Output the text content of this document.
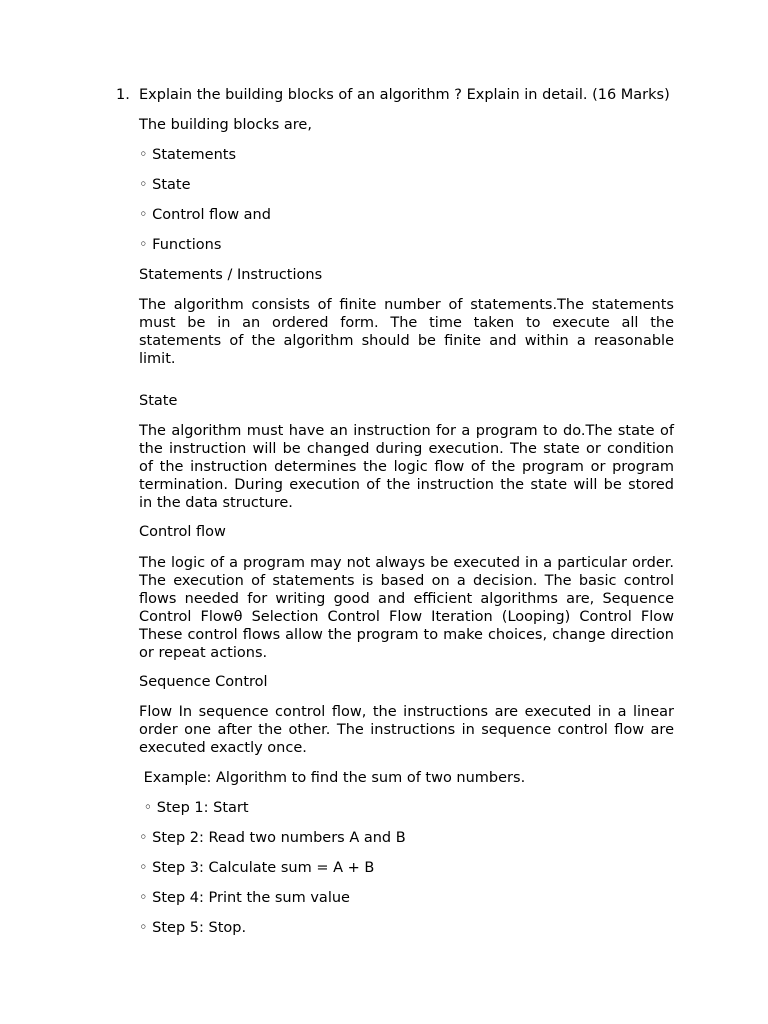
1. Explain the building blocks of an algorithm ? Explain in detail. (16 Marks)
The building blocks are,
◦ Statements
◦ State
◦ Control flow and
◦ Functions
Statements / Instructions
The algorithm consists of finite number of statements.The statements must be in an ordered form. The time taken to execute all the statements of the algorithm should be finite and within a reasonable limit.
State
The algorithm must have an instruction for a program to do.The state of the instruction will be changed during execution. The state or condition of the instruction determines the logic flow of the program or program termination. During execution of the instruction the state will be stored in the data structure.
Control flow
The logic of a program may not always be executed in a particular order. The execution of statements is based on a decision. The basic control flows needed for writing good and efficient algorithms are, Sequence Control Flowθ Selection Control Flow Iteration (Looping) Control Flow These control flows allow the program to make choices, change direction or repeat actions.
Sequence Control
Flow In sequence control flow, the instructions are executed in a linear order one after the other. The instructions in sequence control flow are executed exactly once.
Example: Algorithm to find the sum of two numbers.
◦ Step 1: Start
◦ Step 2: Read two numbers A and B
◦ Step 3: Calculate sum = A + B
◦ Step 4: Print the sum value
◦ Step 5: Stop.
